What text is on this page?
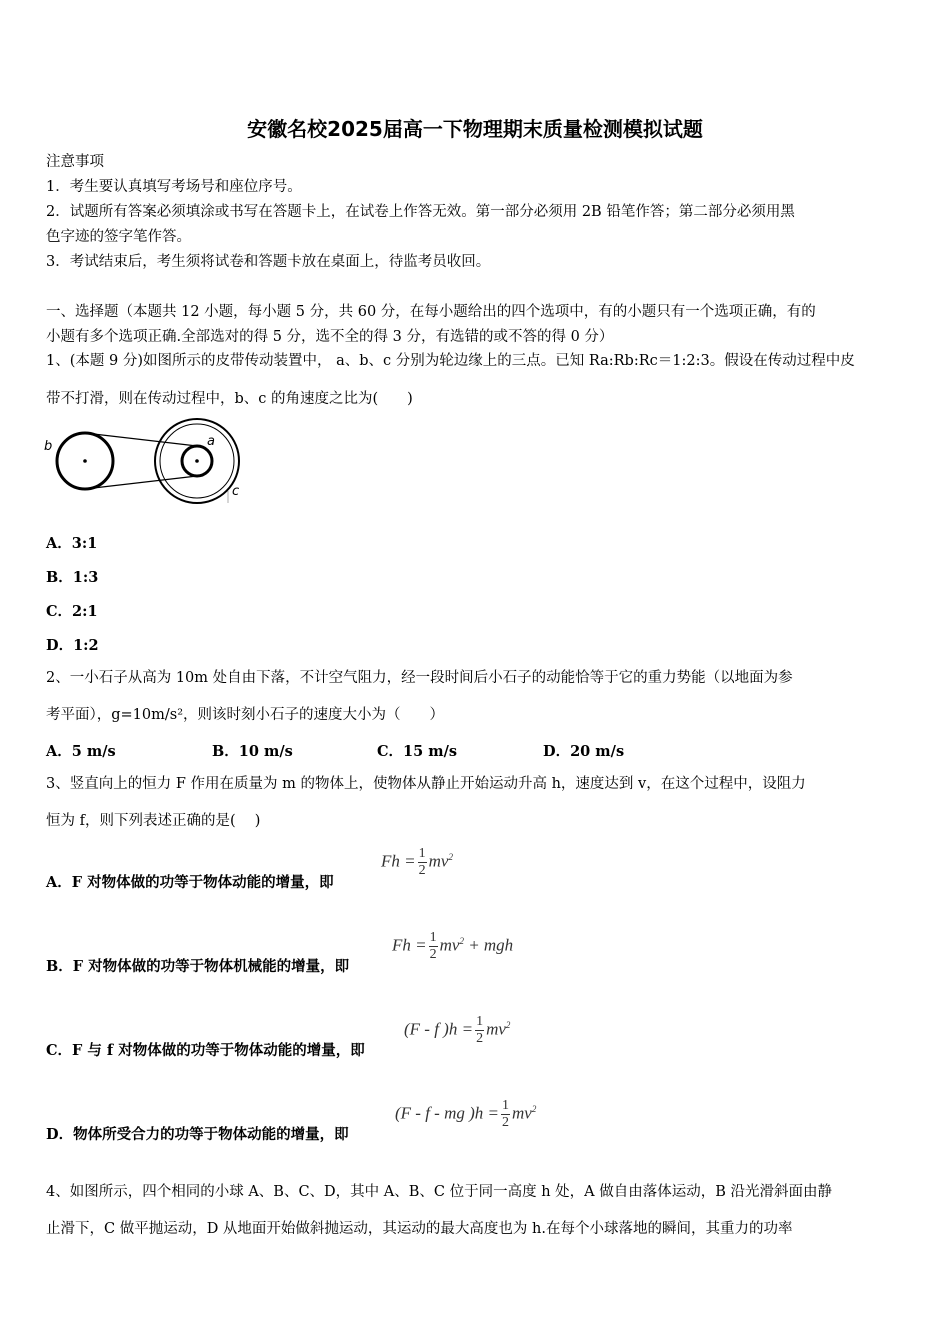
安徽名校2025届高一下物理期末质量检测模拟试题
注意事项
1．考生要认真填写考场号和座位序号。
2．试题所有答案必须填涂或书写在答题卡上，在试卷上作答无效。第一部分必须用 2B 铅笔作答；第二部分必须用黑
色字迹的签字笔作答。
3．考试结束后，考生须将试卷和答题卡放在桌面上，待监考员收回。
一、选择题（本题共 12 小题，每小题 5 分，共 60 分，在每小题给出的四个选项中，有的小题只有一个选项正确，有的
小题有多个选项正确.全部选对的得 5 分，选不全的得 3 分，有选错的或不答的得 0 分）
1、(本题 9 分)如图所示的皮带传动装置中， a、b、c 分别为轮边缘上的三点。已知 Ra:Rb:Rc＝1:2:3。假设在传动过程中皮
带不打滑，则在传动过程中，b、c 的角速度之比为(　　)
b	a
c
A．3:1
B．1:3
C．2:1
D．1:2
2、一小石子从高为 10m 处自由下落，不计空气阻力，经一段时间后小石子的动能恰等于它的重力势能（以地面为参
考平面），g=10m/s²，则该时刻小石子的速度大小为（　　）
A．5 m/s	B．10 m/s	C．15 m/s	D．20 m/s
3、竖直向上的恒力 F 作用在质量为 m 的物体上，使物体从静止开始运动升高 h，速度达到 v，在这个过程中，设阻力
恒为 f，则下列表述正确的是(　 )
A．F 对物体做的功等于物体动能的增量，即
$Fh = \frac{1}{2} mv^2$
B．F 对物体做的功等于物体机械能的增量，即
$Fh = \frac{1}{2} mv^2$ + mgh
C．F 与 f 对物体做的功等于物体动能的增量，即
(F - f )$h = \frac{1}{2} mv^2$
D．物体所受合力的功等于物体动能的增量，即
(F - f - mg )$h = \frac{1}{2} mv^2$
4、如图所示，四个相同的小球 A、B、C、D，其中 A、B、C 位于同一高度 h 处，A 做自由落体运动，B 沿光滑斜面由静
止滑下，C 做平抛运动，D 从地面开始做斜抛运动，其运动的最大高度也为 h.在每个小球落地的瞬间，其重力的功率
